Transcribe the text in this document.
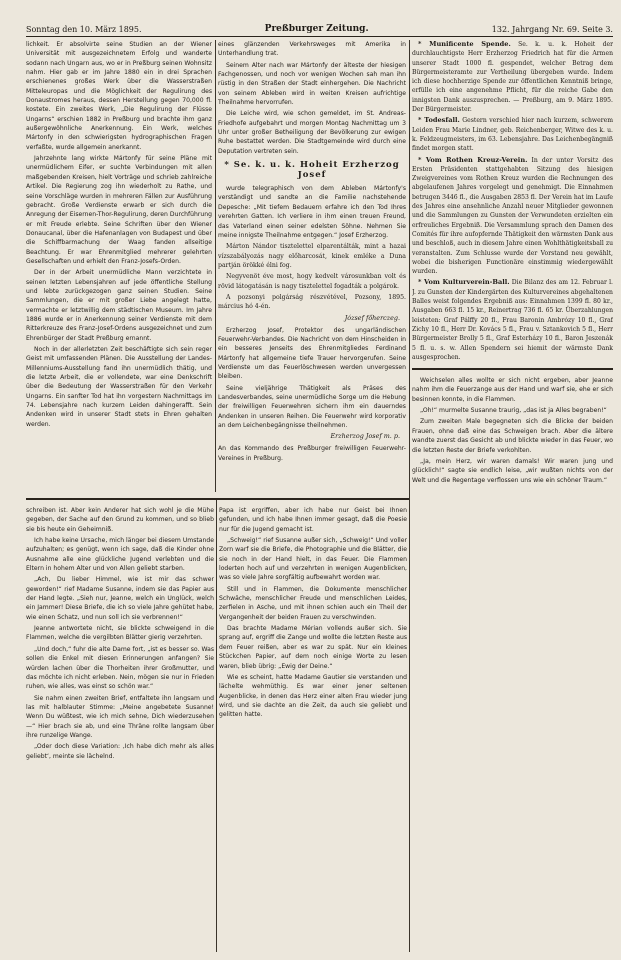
Sonntag den 10. März 1895.	Preßburger Zeitung.	132. Jahrgang Nr. 69. Seite 3.

lichkeit. Er absolvirte seine Studien an der Wiener Universität mit ausgezeichnetem Erfolg und wanderte sodann nach Ungarn aus, wo er in Preßburg seinen Wohnsitz nahm. Hier gab er im Jahre 1880 ein in drei Sprachen erschienenes großes Werk über die Wasserstraßen Mitteleuropas und die Möglichkeit der Regulirung des Donaustromes heraus, dessen Herstellung gegen 70,000 fl. kostete. Ein zweites Werk, „Die Regulirung der Flüsse Ungarns“ erschien 1882 in Preßburg und brachte ihm ganz außergewöhnliche Anerkennung. Ein Werk, welches Mártonfy in den schwierigsten hydrographischen Fragen verfaßte, wurde allgemein anerkannt.

Jahrzehnte lang wirkte Mártonfy für seine Pläne mit unermüdlichem Eifer, er suchte Verbindungen mit allen maßgebenden Kreisen, hielt Vorträge und schrieb zahlreiche Artikel. Die Regierung zog ihn wiederholt zu Rathe, und seine Vorschläge wurden in mehreren Fällen zur Ausführung gebracht. Große Verdienste erwarb er sich durch die Anregung der Eisernen-Thor-Regulirung, deren Durchführung er mit Freude erlebte. Seine Schriften über den Wiener Donaucanal, über die Hafenanlagen von Budapest und über die Schiffbarmachung der Waag fanden allseitige Beachtung. Er war Ehrenmitglied mehrerer gelehrten Gesellschaften und erhielt den Franz-Josefs-Orden.

Der in der Arbeit unermüdliche Mann verzichtete in seinen letzten Lebensjahren auf jede öffentliche Stellung und lebte zurückgezogen ganz seinen Studien. Seine Sammlungen, die er mit großer Liebe angelegt hatte, vermachte er letztwillig dem städtischen Museum. Im Jahre 1886 wurde er in Anerkennung seiner Verdienste mit dem Ritterkreuze des Franz-Josef-Ordens ausgezeichnet und zum Ehrenbürger der Stadt Preßburg ernannt.

Noch in der allerletzten Zeit beschäftigte sich sein reger Geist mit umfassenden Plänen. Die Ausstellung der Landes-Millenniums-Ausstellung fand ihn unermüdlich thätig, und die letzte Arbeit, die er vollendete, war eine Denkschrift über die Bedeutung der Wasserstraßen für den Verkehr Ungarns. Ein sanfter Tod hat ihn vorgestern Nachmittags im 74. Lebensjahre nach kurzem Leiden dahingerafft. Sein Andenken wird in unserer Stadt stets in Ehren gehalten werden.

eines glänzenden Verkehrsweges mit Amerika in Unterhandlung trat.

Seinem Alter nach war Mártonfy der älteste der hiesigen Fachgenossen, und noch vor wenigen Wochen sah man ihn rüstig in den Straßen der Stadt einhergehen. Die Nachricht von seinem Ableben wird in weiten Kreisen aufrichtige Theilnahme hervorrufen.

Die Leiche wird, wie schon gemeldet, im St. Andreas-Friedhofe aufgebahrt und morgen Montag Nachmittag um 3 Uhr unter großer Betheiligung der Bevölkerung zur ewigen Ruhe bestattet werden. Die Stadtgemeinde wird durch eine Deputation vertreten sein.

* Se. k. u. k. Hoheit Erzherzog Josef

wurde telegraphisch von dem Ableben Mártonfy's verständigt und sandte an die Familie nachstehende Depesche: „Mit tiefem Bedauern erfahre ich den Tod Ihres verehrten Gatten. Ich verliere in ihm einen treuen Freund, das Vaterland einen seiner edelsten Söhne. Nehmen Sie meine innigste Theilnahme entgegen.“ Josef Erzherzog.

Márton Nándor tisztelettel elparentálták, mint a hazai vízszabályozás nagy előharcosát, kinek emléke a Duna partján örökké élni fog.

Negyvenöt éve most, hogy kedvelt városunkban volt és rövid látogatásán is nagy tisztelettel fogadták a polgárok.

A pozsonyi polgárság részvétével, Pozsony, 1895. március hó 4-én.

József főherczeg.

Erzherzog Josef, Protektor des ungarländischen Feuerwehr-Verbandes. Die Nachricht von dem Hinscheiden in ein besseres Jenseits des Ehrenmitgliedes Ferdinand Mártonfy hat allgemeine tiefe Trauer hervorgerufen. Seine Verdienste um das Feuerlöschwesen werden unvergessen bleiben.

Seine vieljährige Thätigkeit als Präses des Landesverbandes, seine unermüdliche Sorge um die Hebung der freiwilligen Feuerwehren sichern ihm ein dauerndes Andenken in unseren Reihen. Die Feuerwehr wird korporativ an dem Leichenbegängnisse theilnehmen.

Erzherzog Josef m. p.

An das Kommando des Preßburger freiwilligen Feuerwehr-Vereines in Preßburg.

* Munificente Spende. Se. k. u. k. Hoheit der durchlauchtigste Herr Erzherzog Friedrich hat für die Armen unserer Stadt 1000 fl. gespendet, welcher Betrag dem Bürgermeisteramte zur Vertheilung übergeben wurde. Indem ich diese hochherzige Spende zur öffentlichen Kenntniß bringe, erfülle ich eine angenehme Pflicht, für die reiche Gabe den innigsten Dank auszusprechen. — Preßburg, am 9. März 1895. Der Bürgermeister.

* Todesfall. Gestern verschied hier nach kurzem, schwerem Leiden Frau Marie Lindner, geb. Reichenberger, Witwe des k. u. k. Feldzeugmeisters, im 63. Lebensjahre. Das Leichenbegängniß findet morgen statt.

* Vom Rothen Kreuz-Verein. In der unter Vorsitz des Ersten Präsidenten stattgehabten Sitzung des hiesigen Zweigvereines vom Rothen Kreuz wurden die Rechnungen des abgelaufenen Jahres vorgelegt und genehmigt. Die Einnahmen betrugen 3446 fl., die Ausgaben 2853 fl. Der Verein hat im Laufe des Jahres eine ansehnliche Anzahl neuer Mitglieder gewonnen und die Sammlungen zu Gunsten der Verwundeten erzielten ein erfreuliches Ergebniß. Die Versammlung sprach den Damen des Comités für ihre aufopfernde Thätigkeit den wärmsten Dank aus und beschloß, auch in diesem Jahre einen Wohlthätigkeitsball zu veranstalten. Zum Schlusse wurde der Vorstand neu gewählt, wobei die bisherigen Functionäre einstimmig wiedergewählt wurden.

* Vom Kulturverein-Ball. Die Bilanz des am 12. Februar l. J. zu Gunsten der Kindergärten des Kulturvereines abgehaltenen Balles weist folgendes Ergebniß aus: Einnahmen 1399 fl. 80 kr., Ausgaben 663 fl. 15 kr., Reinertrag 736 fl. 65 kr. Überzahlungen leisteten: Graf Pálffy 20 fl., Frau Baronin Ambrózy 10 fl., Graf Zichy 10 fl., Herr Dr. Kovács 5 fl., Frau v. Sztankovich 5 fl., Herr Bürgermeister Brolly 5 fl., Graf Esterházy 10 fl., Baron Jeszenák 5 fl. u. s. w. Allen Spendern sei hiemit der wärmste Dank ausgesprochen.

Weichselen alles wollte er sich nicht ergeben, aber Jeanne nahm ihm die Feuerzange aus der Hand und warf sie, ehe er sich besinnen konnte, in die Flammen.

„Oh!“ murmelte Susanne traurig, „das ist ja Alles begraben!“

Zum zweiten Male begegneten sich die Blicke der beiden Frauen, ohne daß eine das Schweigen brach. Aber die ältere wandte zuerst das Gesicht ab und blickte wieder in das Feuer, wo die letzten Reste der Briefe verkohlten.

„Ja, mein Herz, wir waren damals! Wir waren jung und glücklich!“ sagte sie endlich leise, „wir wußten nichts von der Welt und die Regentage verflossen uns wie ein schöner Traum.“

schreiben ist. Aber kein Anderer hat sich wohl je die Mühe gegeben, der Sache auf den Grund zu kommen, und so blieb sie bis heute ein Geheimniß.

Ich habe keine Ursache, mich länger bei diesem Umstande aufzuhalten; es genügt, wenn ich sage, daß die Kinder ohne Ausnahme alle eine glückliche Jugend verlebten und die Eltern in hohem Alter und von Allen geliebt starben.

„Ach, Du lieber Himmel, wie ist mir das schwer geworden!“ rief Madame Susanne, indem sie das Papier aus der Hand legte. „Sieh nur, Jeanne, welch ein Unglück, welch ein Jammer! Diese Briefe, die ich so viele Jahre gehütet habe, wie einen Schatz, und nun soll ich sie verbrennen!“

Jeanne antwortete nicht, sie blickte schweigend in die Flammen, welche die vergilbten Blätter gierig verzehrten.

„Und doch,“ fuhr die alte Dame fort, „ist es besser so. Was sollen die Enkel mit diesen Erinnerungen anfangen? Sie würden lachen über die Thorheiten ihrer Großmutter, und das möchte ich nicht erleben. Nein, mögen sie nur in Frieden ruhen, wie alles, was einst so schön war.“

Sie nahm einen zweiten Brief, entfaltete ihn langsam und las mit halblauter Stimme: „Meine angebetete Susanne! Wenn Du wüßtest, wie ich mich sehne, Dich wiederzusehen —“ Hier brach sie ab, und eine Thräne rollte langsam über ihre runzelige Wange.

„Oder doch diese Variation: ‚Ich habe dich mehr als alles geliebt‘, meinte sie lächelnd.

Papa ist ergriffen, aber ich habe nur Geist bei Ihnen gefunden, und ich habe Ihnen immer gesagt, daß die Poesie nur für die Jugend gemacht ist.

„Schweig!“ rief Susanne außer sich, „Schweig!“ Und voller Zorn warf sie die Briefe, die Photographie und die Blätter, die sie noch in der Hand hielt, in das Feuer. Die Flammen loderten hoch auf und verzehrten in wenigen Augenblicken, was so viele Jahre sorgfältig aufbewahrt worden war.

Still und in Flammen, die Dokumente menschlicher Schwäche, menschlicher Freude und menschlichen Leides, zerfielen in Asche, und mit ihnen schien auch ein Theil der Vergangenheit der beiden Frauen zu verschwinden.

Das brachte Madame Mérian vollends außer sich. Sie sprang auf, ergriff die Zange und wollte die letzten Reste aus dem Feuer reißen, aber es war zu spät. Nur ein kleines Stückchen Papier, auf dem noch einige Worte zu lesen waren, blieb übrig: „Ewig der Deine.“

Wie es scheint, hatte Madame Gautier sie verstanden und lächelte wehmüthig. Es war einer jener seltenen Augenblicke, in denen das Herz einer alten Frau wieder jung wird, und sie dachte an die Zeit, da auch sie geliebt und gelitten hatte.
